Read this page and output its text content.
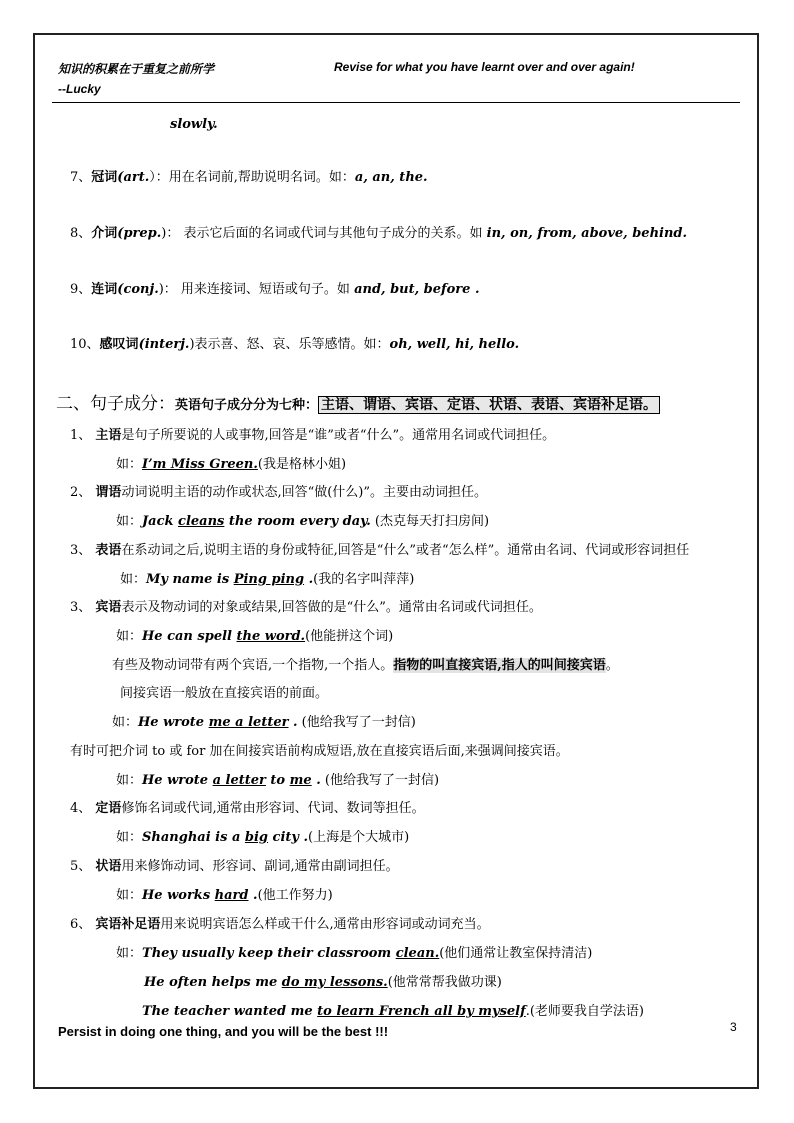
知识的积累在于重复之前所学
--Lucky
Revise for what you have learnt over and over again!
slowly.
7、冠词(art.）：用在名词前,帮助说明名词。如：a, an, the.
8、介词(prep.)： 表示它后面的名词或代词与其他句子成分的关系。如 in, on, from, above, behind.
9、连词(conj.)： 用来连接词、短语或句子。如 and, but, before .
10、感叹词(interj.)表示喜、怒、哀、乐等感情。如：oh, well, hi, hello.
二、句子成分：英语句子成分分为七种： 主语、谓语、宾语、定语、状语、表语、宾语补足语。
1、 主语是句子所要说的人或事物,回答是“谁”或者“什么”。通常用名词或代词担任。
如：I’m Miss Green.(我是格林小姐)
2、 谓语动词说明主语的动作或状态,回答“做(什么)”。主要由动词担任。
如：Jack cleans the room every day. (杰克每天打扫房间)
3、 表语在系动词之后,说明主语的身份或特征,回答是“什么”或者“怎么样”。通常由名词、代词或形容词担任
如：My name is Ping ping .(我的名字叫萍萍)
3、 宾语表示及物动词的对象或结果,回答做的是“什么”。通常由名词或代词担任。
如：He can spell the word.(他能拼这个词)
有些及物动词带有两个宾语,一个指物,一个指人。指物的叫直接宾语,指人的叫间接宾语。
间接宾语一般放在直接宾语的前面。
如：He wrote me a letter . (他给我写了一封信)
有时可把介词 to 或 for 加在间接宾语前构成短语,放在直接宾语后面,来强调间接宾语。
如：He wrote a letter to me . (他给我写了一封信)
4、 定语修饰名词或代词,通常由形容词、代词、数词等担任。
如：Shanghai is a big city .(上海是个大城市)
5、 状语用来修饰动词、形容词、副词,通常由副词担任。
如：He works hard .(他工作努力)
6、 宾语补足语用来说明宾语怎么样或干什么,通常由形容词或动词充当。
如：They usually keep their classroom clean.(他们通常让教室保持清洁)
He often helps me do my lessons.(他常常帮我做功课)
The teacher wanted me to learn French all by myself.(老师要我自学法语)
Persist in doing one thing, and you will be the best !!!	3
